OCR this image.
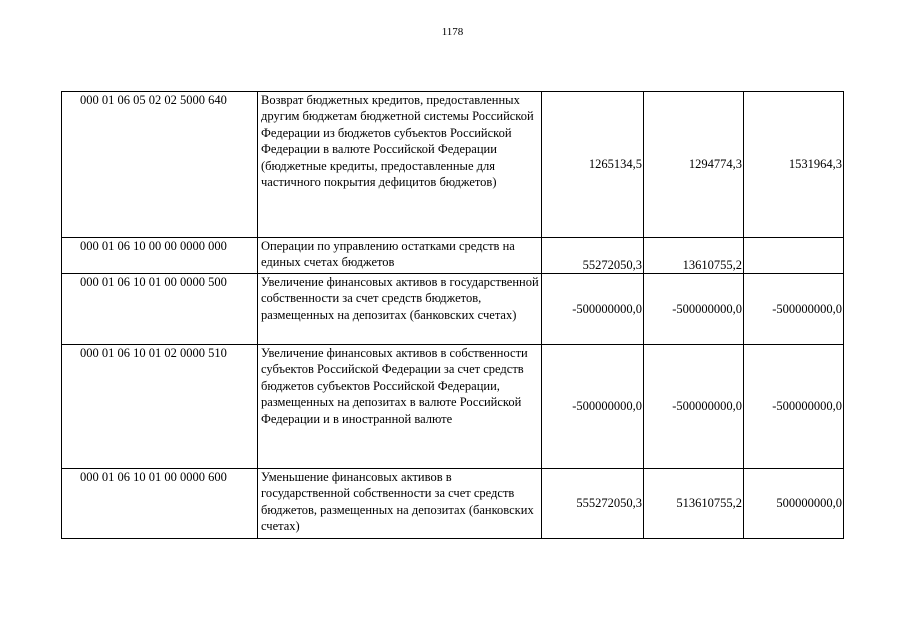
1178
000 01 06 05 02 02 5000 640	Возврат бюджетных кредитов, предоставленных другим бюджетам бюджетной системы Российской Федерации из бюджетов субъектов Российской Федерации в валюте Российской Федерации (бюджетные кредиты, предоставленные для частичного покрытия дефицитов бюджетов)	1265134,5	1294774,3	1531964,3
000 01 06 10 00 00 0000 000	Операции по управлению остатками средств на единых счетах бюджетов	55272050,3	13610755,2	
000 01 06 10 01 00 0000 500	Увеличение финансовых активов в государственной собственности за счет средств бюджетов, размещенных на депозитах (банковских счетах)	-500000000,0	-500000000,0	-500000000,0
000 01 06 10 01 02 0000 510	Увеличение финансовых активов в собственности субъектов Российской Федерации за счет средств бюджетов субъектов Российской Федерации, размещенных на депозитах в валюте Российской Федерации и в иностранной валюте	-500000000,0	-500000000,0	-500000000,0
000 01 06 10 01 00 0000 600	Уменьшение финансовых активов в государственной собственности за счет средств бюджетов, размещенных на депозитах (банковских счетах)	555272050,3	513610755,2	500000000,0
